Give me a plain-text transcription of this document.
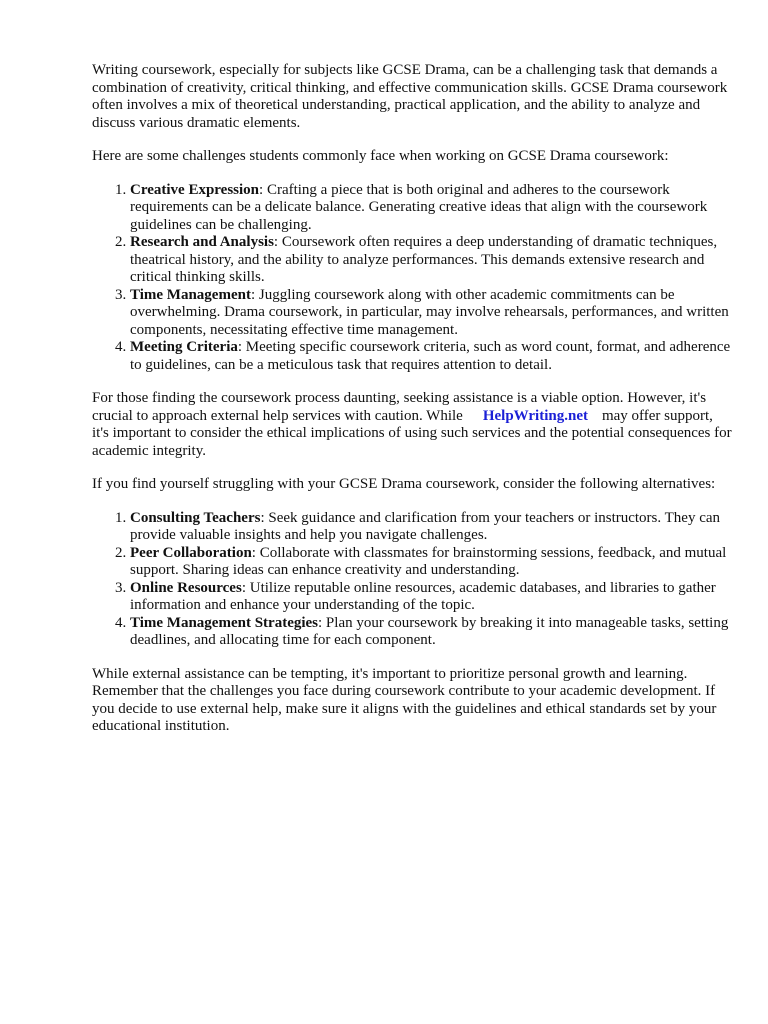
Writing coursework, especially for subjects like GCSE Drama, can be a challenging task that demands a combination of creativity, critical thinking, and effective communication skills. GCSE Drama coursework often involves a mix of theoretical understanding, practical application, and the ability to analyze and discuss various dramatic elements.

Here are some challenges students commonly face when working on GCSE Drama coursework:

1. Creative Expression: Crafting a piece that is both original and adheres to the coursework requirements can be a delicate balance. Generating creative ideas that align with the coursework guidelines can be challenging.
2. Research and Analysis: Coursework often requires a deep understanding of dramatic techniques, theatrical history, and the ability to analyze performances. This demands extensive research and critical thinking skills.
3. Time Management: Juggling coursework along with other academic commitments can be overwhelming. Drama coursework, in particular, may involve rehearsals, performances, and written components, necessitating effective time management.
4. Meeting Criteria: Meeting specific coursework criteria, such as word count, format, and adherence to guidelines, can be a meticulous task that requires attention to detail.

For those finding the coursework process daunting, seeking assistance is a viable option. However, it's crucial to approach external help services with caution. While HelpWriting.net may offer support, it's important to consider the ethical implications of using such services and the potential consequences for academic integrity.

If you find yourself struggling with your GCSE Drama coursework, consider the following alternatives:

1. Consulting Teachers: Seek guidance and clarification from your teachers or instructors. They can provide valuable insights and help you navigate challenges.
2. Peer Collaboration: Collaborate with classmates for brainstorming sessions, feedback, and mutual support. Sharing ideas can enhance creativity and understanding.
3. Online Resources: Utilize reputable online resources, academic databases, and libraries to gather information and enhance your understanding of the topic.
4. Time Management Strategies: Plan your coursework by breaking it into manageable tasks, setting deadlines, and allocating time for each component.

While external assistance can be tempting, it's important to prioritize personal growth and learning. Remember that the challenges you face during coursework contribute to your academic development. If you decide to use external help, make sure it aligns with the guidelines and ethical standards set by your educational institution.
